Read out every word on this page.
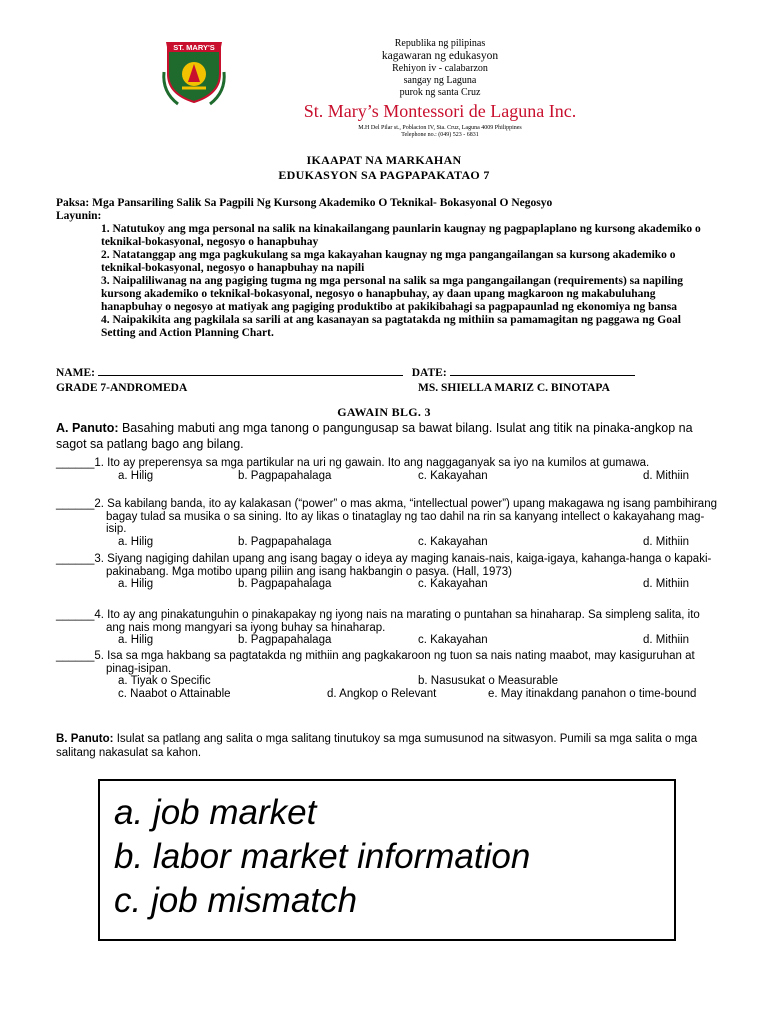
ST. MARY'S	Republika ng pilipinas
kagawaran ng edukasyon
Rehiyon iv - calabarzon
sangay ng Laguna
purok ng santa Cruz
St. Mary’s Montessori de Laguna Inc.
M.H Del Pilar st., Poblacion IV, Sta. Cruz, Laguna 4009 Philippines
Telephone no.: (049) 523 - 6831
IKAAPAT NA MARKAHAN
EDUKASYON SA PAGPAPAKATAO 7
Paksa: Mga Pansariling Salik Sa Pagpili Ng Kursong Akademiko O Teknikal- Bokasyonal O Negosyo
Layunin:
1. Natutukoy ang mga personal na salik na kinakailangang paunlarin kaugnay ng pagpaplaplano ng kursong akademiko o teknikal-bokasyonal, negosyo o hanapbuhay
2. Natatanggap ang mga pagkukulang sa mga kakayahan kaugnay ng mga pangangailangan sa kursong akademiko o teknikal-bokasyonal, negosyo o hanapbuhay na napili
3. Naipaliliwanag na ang pagiging tugma ng mga personal na salik sa mga pangangailangan (requirements) sa napiling kursong akademiko o teknikal-bokasyonal, negosyo o hanapbuhay, ay daan upang magkaroon ng makabuluhang hanapbuhay o negosyo at matiyak ang pagiging produktibo at pakikibahagi sa pagpapaunlad ng ekonomiya ng bansa
4. Naipakikita ang pagkilala sa sarili at ang kasanayan sa pagtatakda ng mithiin sa pamamagitan ng paggawa ng Goal Setting and Action Planning Chart.
NAME:	DATE:
GRADE 7-ANDROMEDA	MS. SHIELLA MARIZ C. BINOTAPA
GAWAIN BLG. 3
A. Panuto: Basahing mabuti ang mga tanong o pangungusap sa bawat bilang. Isulat ang titik na pinaka-angkop na sagot sa patlang bago ang bilang.
______1. Ito ay preperensya sa mga partikular na uri ng gawain. Ito ang naggaganyak sa iyo na kumilos at gumawa.
a. Hilig	b. Pagpapahalaga	c. Kakayahan	d. Mithiin
______2. Sa kabilang banda, ito ay kalakasan (“power” o mas akma, “intellectual power”) upang makagawa ng isang pambihirang bagay tulad sa musika o sa sining. Ito ay likas o tinataglay ng tao dahil na rin sa kanyang intellect o kakayahang mag-isip.
a. Hilig	b. Pagpapahalaga	c. Kakayahan	d. Mithiin
______3. Siyang nagiging dahilan upang ang isang bagay o ideya ay maging kanais-nais, kaiga-igaya, kahanga-hanga o kapaki-pakinabang. Mga motibo upang piliin ang isang hakbangin o pasya. (Hall, 1973)
a. Hilig	b. Pagpapahalaga	c. Kakayahan	d. Mithiin
______4. Ito ay ang pinakatunguhin o pinakapakay ng iyong nais na marating o puntahan sa hinaharap. Sa simpleng salita, ito ang nais mong mangyari sa iyong buhay sa hinaharap.
a. Hilig	b. Pagpapahalaga	c. Kakayahan	d. Mithiin
______5. Isa sa mga hakbang sa pagtatakda ng mithiin ang pagkakaroon ng tuon sa nais nating maabot, may kasiguruhan at pinag-isipan.
a. Tiyak o Specific	b. Nasusukat o Measurable
c. Naabot o Attainable	d. Angkop o Relevant	e. May itinakdang panahon o time-bound
B. Panuto: Isulat sa patlang ang salita o mga salitang tinutukoy sa mga sumusunod na sitwasyon. Pumili sa mga salita o mga salitang nakasulat sa kahon.
a. job market
b. labor market information
c. job mismatch
